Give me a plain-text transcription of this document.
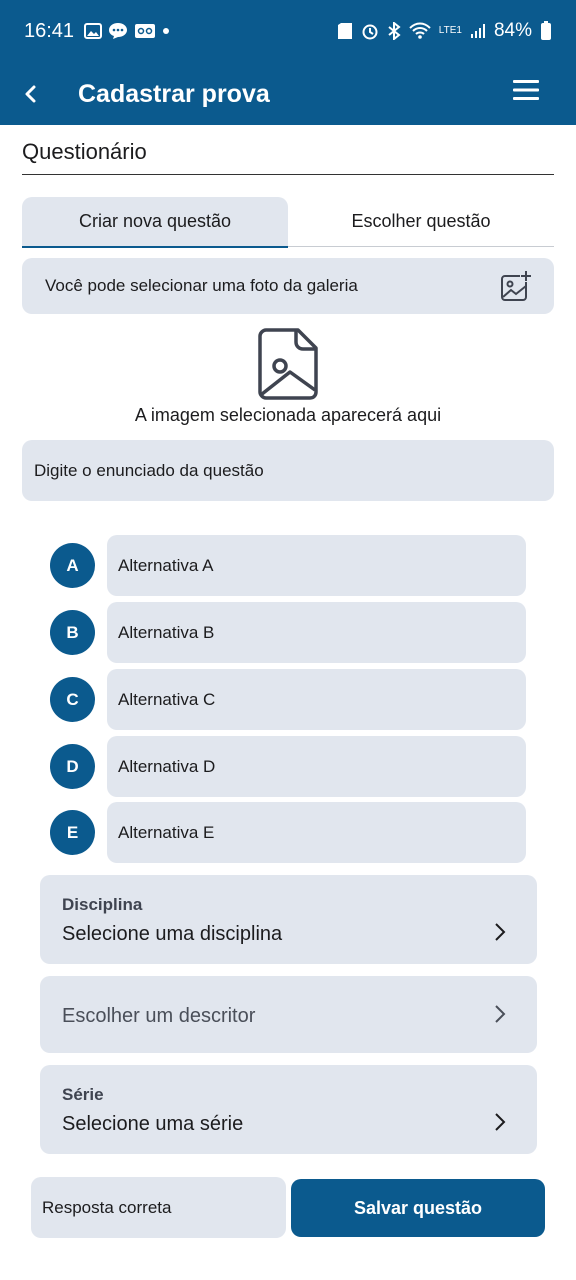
16:41	LTE1 84%
Cadastrar prova
Questionário
Criar nova questão	Escolher questão
Você pode selecionar uma foto da galeria
A imagem selecionada aparecerá aqui
Digite o enunciado da questão
A	Alternativa A
B	Alternativa B
C	Alternativa C
D	Alternativa D
E	Alternativa E
Disciplina
Selecione uma disciplina
Escolher um descritor
Série
Selecione uma série
Resposta correta	Salvar questão
